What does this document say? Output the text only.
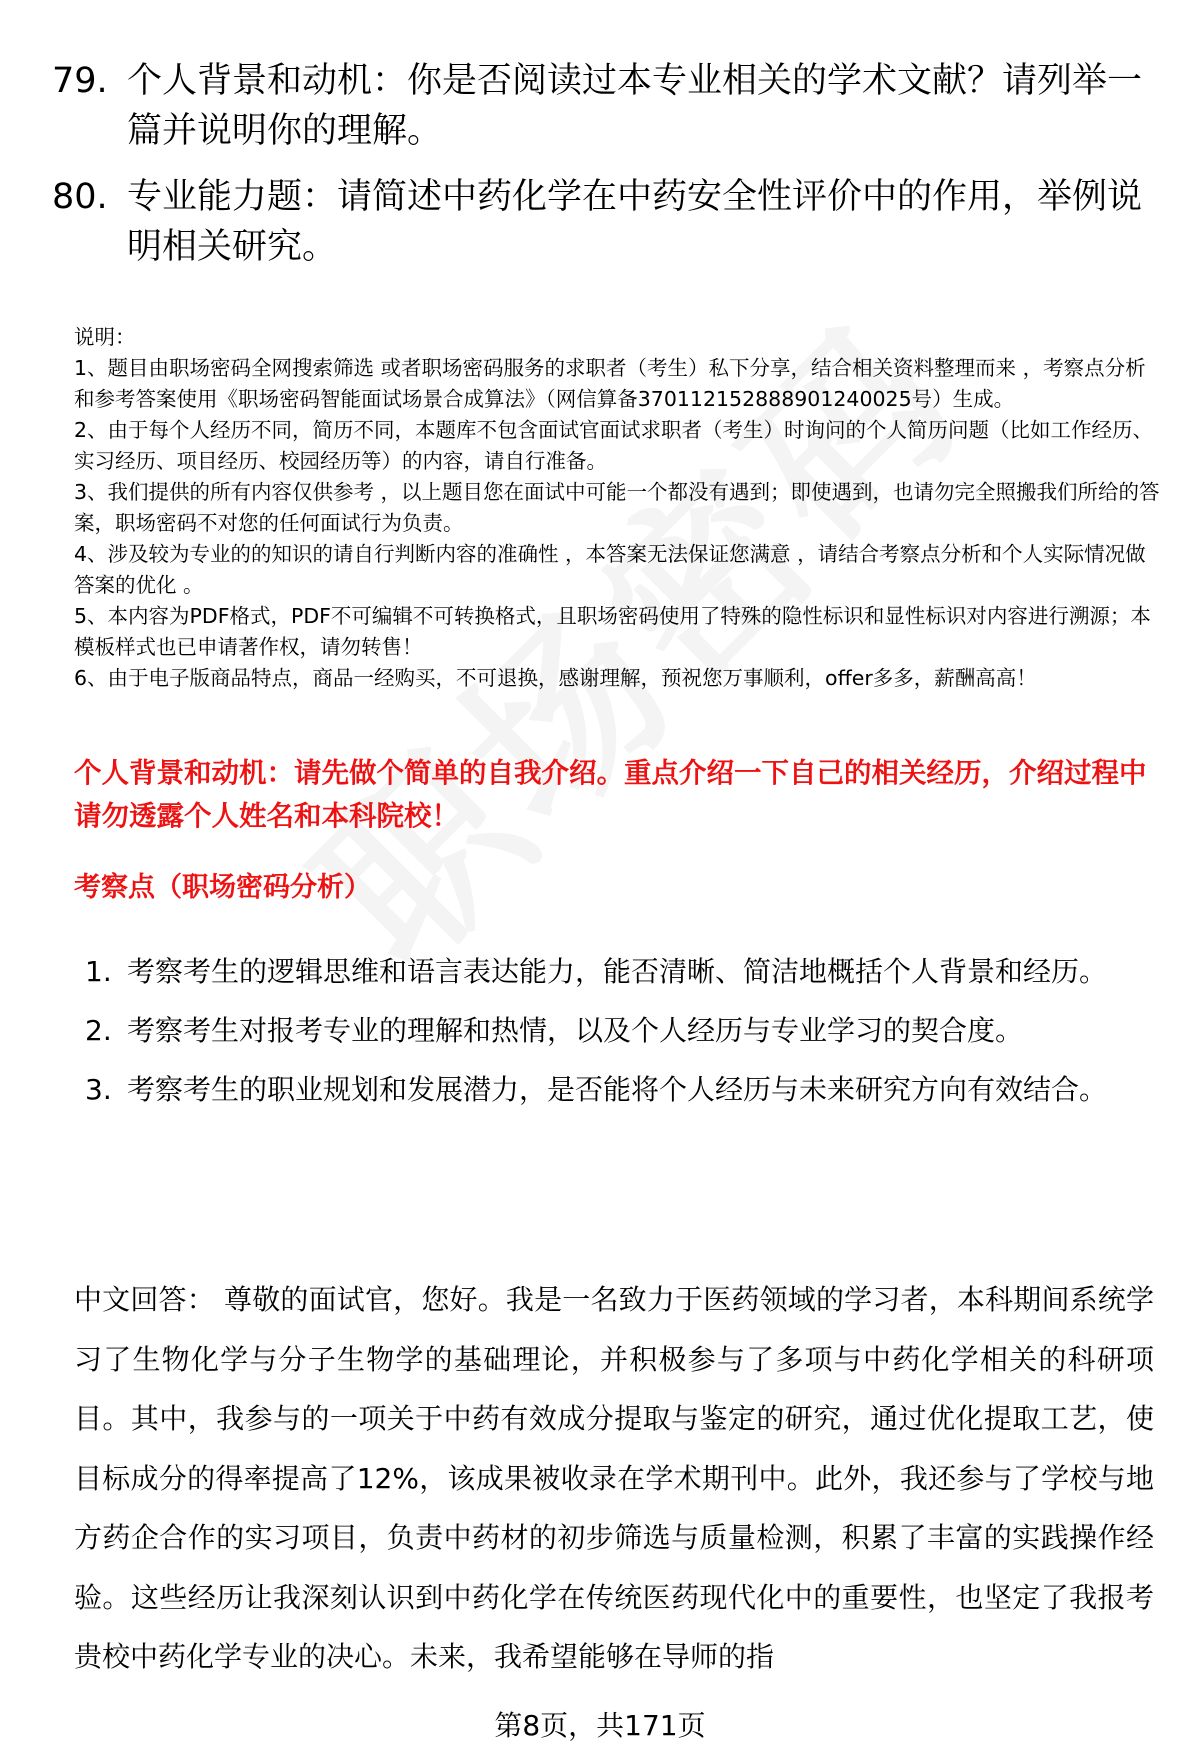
79. 个人背景和动机：你是否阅读过本专业相关的学术文献？请列举一篇并说明你的理解。
80. 专业能力题：请简述中药化学在中药安全性评价中的作用，举例说明相关研究。
说明：
1、题目由职场密码全网搜索筛选 或者职场密码服务的求职者（考生）私下分享，结合相关资料整理而来 ，考察点分析和参考答案使用《职场密码智能面试场景合成算法》（网信算备370112152888901240025号）生成。
2、由于每个人经历不同，简历不同，本题库不包含面试官面试求职者（考生）时询问的个人简历问题（比如工作经历、实习经历、项目经历、校园经历等）的内容，请自行准备。
3、我们提供的所有内容仅供参考 ，以上题目您在面试中可能一个都没有遇到；即使遇到，也请勿完全照搬我们所给的答案，职场密码不对您的任何面试行为负责。
4、涉及较为专业的的知识的请自行判断内容的准确性 ，本答案无法保证您满意 ，请结合考察点分析和个人实际情况做答案的优化 。
5、本内容为PDF格式，PDF不可编辑不可转换格式，且职场密码使用了特殊的隐性标识和显性标识对内容进行溯源；本模板样式也已申请著作权，请勿转售！
6、由于电子版商品特点，商品一经购买，不可退换，感谢理解，预祝您万事顺利，offer多多，薪酬高高！
个人背景和动机：请先做个简单的自我介绍。重点介绍一下自己的相关经历，介绍过程中请勿透露个人姓名和本科院校！
考察点（职场密码分析）
1. 考察考生的逻辑思维和语言表达能力，能否清晰、简洁地概括个人背景和经历。
2. 考察考生对报考专业的理解和热情，以及个人经历与专业学习的契合度。
3. 考察考生的职业规划和发展潜力，是否能将个人经历与未来研究方向有效结合。
中文回答： 尊敬的面试官，您好。我是一名致力于医药领域的学习者，本科期间系统学习了生物化学与分子生物学的基础理论，并积极参与了多项与中药化学相关的科研项目。其中，我参与的一项关于中药有效成分提取与鉴定的研究，通过优化提取工艺，使目标成分的得率提高了12%，该成果被收录在学术期刊中。此外，我还参与了学校与地方药企合作的实习项目，负责中药材的初步筛选与质量检测，积累了丰富的实践操作经验。这些经历让我深刻认识到中药化学在传统医药现代化中的重要性，也坚定了我报考贵校中药化学专业的决心。未来，我希望能够在导师的指
第8页，共171页
